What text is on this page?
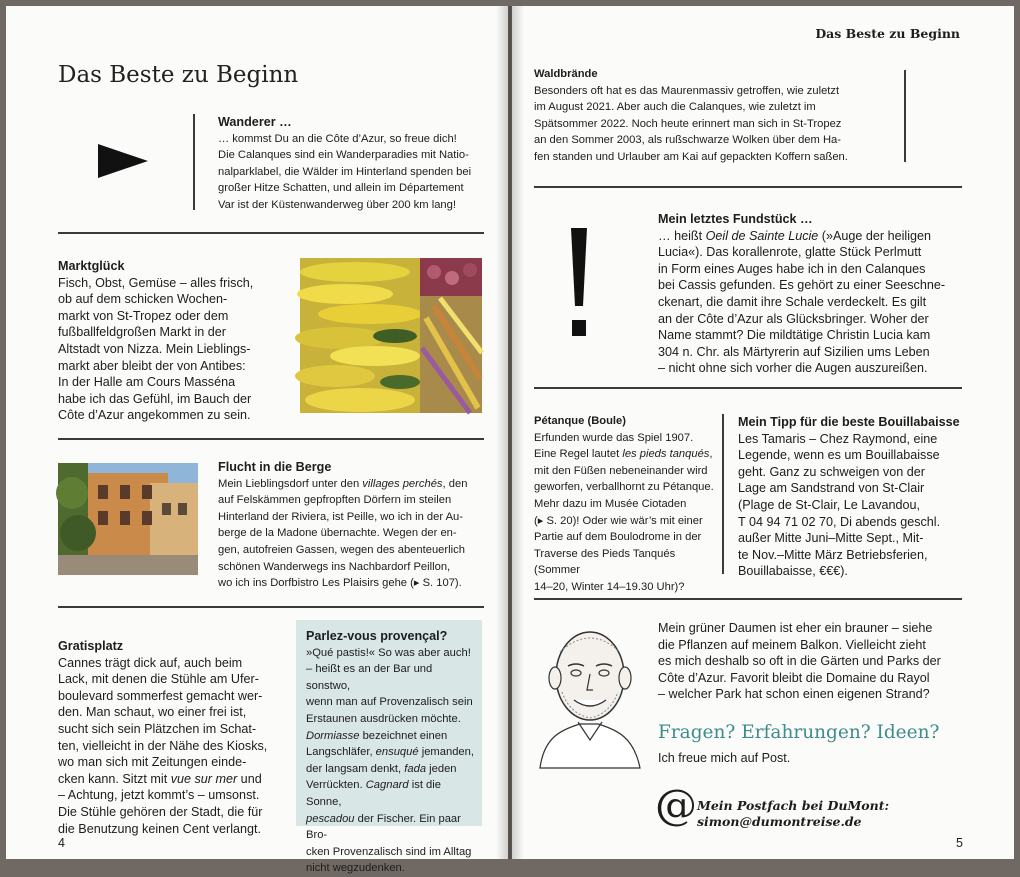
Das Beste zu Beginn
Wanderer …
… kommst Du an die Côte d’Azur, so freue dich!
Die Calanques sind ein Wanderparadies mit Natio-
nalparklabel, die Wälder im Hinterland spenden bei
großer Hitze Schatten, und allein im Département
Var ist der Küstenwanderweg über 200 km lang!
Marktglück
Fisch, Obst, Gemüse – alles frisch,
ob auf dem schicken Wochen-
markt von St-Tropez oder dem
fußballfeldgroßen Markt in der
Altstadt von Nizza. Mein Lieblings-
markt aber bleibt der von Antibes:
In der Halle am Cours Masséna
habe ich das Gefühl, im Bauch der
Côte d’Azur angekommen zu sein.
Flucht in die Berge
Mein Lieblingsdorf unter den villages perchés, den
auf Felskämmen gepfropften Dörfern im steilen
Hinterland der Riviera, ist Peille, wo ich in der Au-
berge de la Madone übernachte. Wegen der en-
gen, autofreien Gassen, wegen des abenteuerlich
schönen Wanderwegs ins Nachbardorf Peillon,
wo ich ins Dorfbistro Les Plaisirs gehe (▸ S. 107).
Gratisplatz
Cannes trägt dick auf, auch beim
Lack, mit denen die Stühle am Ufer-
boulevard sommerfest gemacht wer-
den. Man schaut, wo einer frei ist,
sucht sich sein Plätzchen im Schat-
ten, vielleicht in der Nähe des Kiosks,
wo man sich mit Zeitungen einde-
cken kann. Sitzt mit vue sur mer und
– Achtung, jetzt kommt’s – umsonst.
Die Stühle gehören der Stadt, die für
die Benutzung keinen Cent verlangt.
Parlez-vous provençal?
»Qué pastis!« So was aber auch!
– heißt es an der Bar und sonstwo,
wenn man auf Provenzalisch sein
Erstaunen ausdrücken möchte.
Dormiasse bezeichnet einen
Langschläfer, ensuqué jemanden,
der langsam denkt, fada jeden
Verrückten. Cagnard ist die Sonne,
pescadou der Fischer. Ein paar Bro-
cken Provenzalisch sind im Alltag
nicht wegzudenken.
4
Das Beste zu Beginn
Waldbrände
Besonders oft hat es das Maurenmassiv getroffen, wie zuletzt
im August 2021. Aber auch die Calanques, wie zuletzt im
Spätsommer 2022. Noch heute erinnert man sich in St-Tropez
an den Sommer 2003, als rußschwarze Wolken über dem Ha-
fen standen und Urlauber am Kai auf gepackten Koffern saßen.
Mein letztes Fundstück …
… heißt Oeil de Sainte Lucie (»Auge der heiligen
Lucia«). Das korallenrote, glatte Stück Perlmutt
in Form eines Auges habe ich in den Calanques
bei Cassis gefunden. Es gehört zu einer Seeschne-
ckenart, die damit ihre Schale verdeckelt. Es gilt
an der Côte d’Azur als Glücksbringer. Woher der
Name stammt? Die mildtätige Christin Lucia kam
304 n. Chr. als Märtyrerin auf Sizilien ums Leben
– nicht ohne sich vorher die Augen auszureißen.
Pétanque (Boule)
Erfunden wurde das Spiel 1907.
Eine Regel lautet les pieds tanqués,
mit den Füßen nebeneinander wird
geworfen, verballhornt zu Pétanque.
Mehr dazu im Musée Ciotaden
(▸ S. 20)! Oder wie wär’s mit einer
Partie auf dem Boulodrome in der
Traverse des Pieds Tanqués (Sommer
14–20, Winter 14–19.30 Uhr)?
Mein Tipp für die beste Bouillabaisse
Les Tamaris – Chez Raymond, eine
Legende, wenn es um Bouillabaisse
geht. Ganz zu schweigen von der
Lage am Sandstrand von St-Clair
(Plage de St-Clair, Le Lavandou,
T 04 94 71 02 70, Di abends geschl.
außer Mitte Juni–Mitte Sept., Mit-
te Nov.–Mitte März Betriebsferien,
Bouillabaisse, €€€).
Mein grüner Daumen ist eher ein brauner – siehe
die Pflanzen auf meinem Balkon. Vielleicht zieht
es mich deshalb so oft in die Gärten und Parks der
Côte d’Azur. Favorit bleibt die Domaine du Rayol
– welcher Park hat schon einen eigenen Strand?
Fragen? Erfahrungen? Ideen?
Ich freue mich auf Post.
@ Mein Postfach bei DuMont:
simon@dumontreise.de
5
